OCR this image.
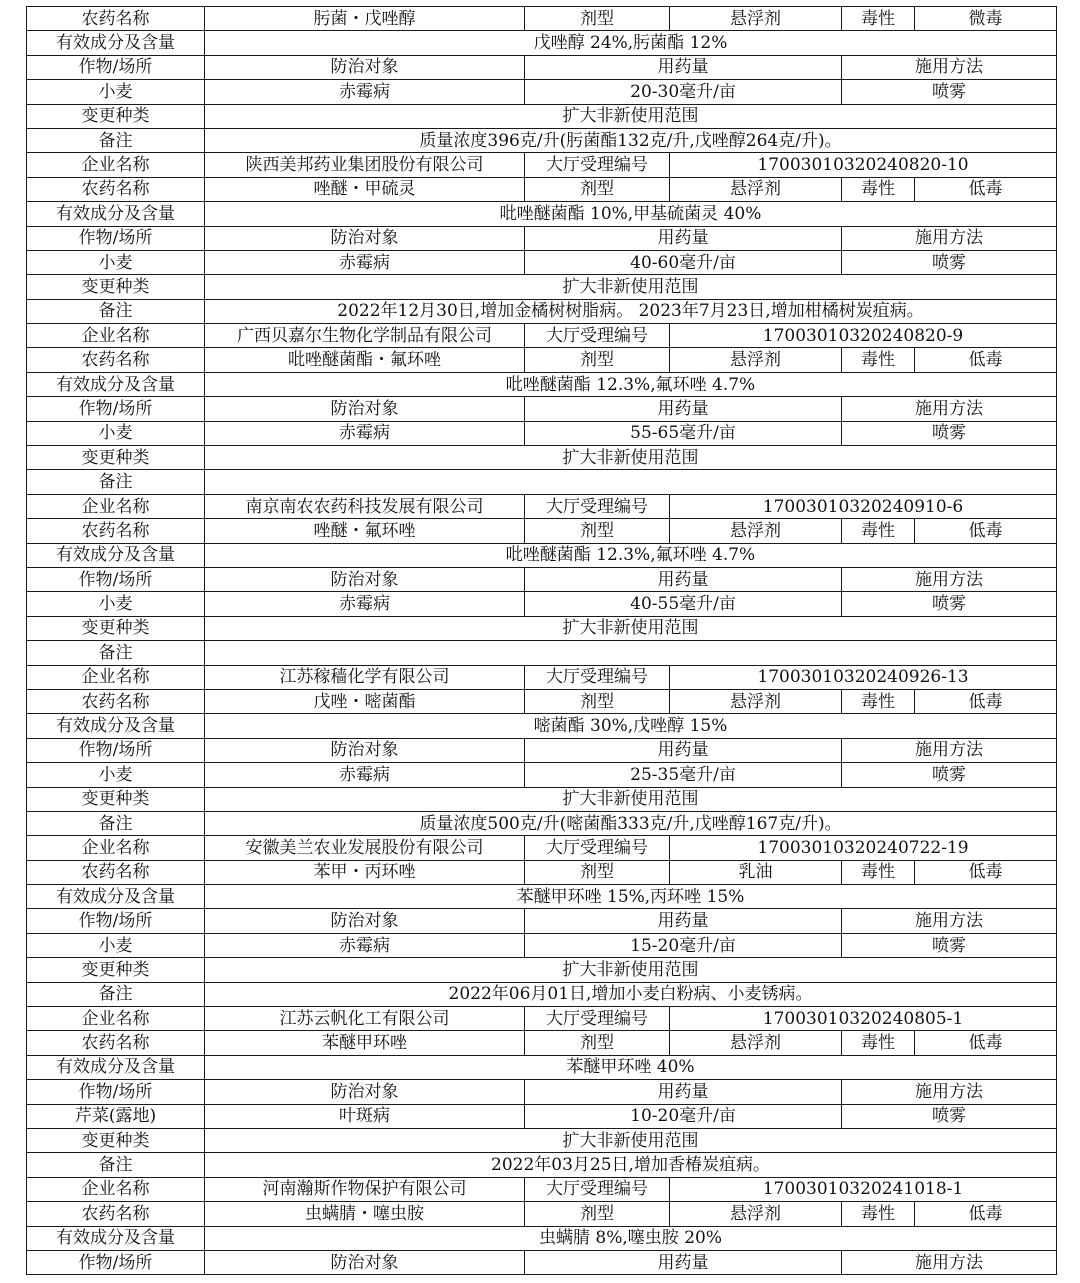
农药名称	肟菌・戊唑醇	剂型	悬浮剂	毒性	微毒
有效成分及含量	戊唑醇 24%,肟菌酯 12%				
作物/场所	防治对象	用药量		施用方法	
小麦	赤霉病	20-30毫升/亩		喷雾	
变更种类	扩大非新使用范围				
备注	质量浓度396克/升(肟菌酯132克/升,戊唑醇264克/升)。				
企业名称	陕西美邦药业集团股份有限公司	大厅受理编号	17003010320240820-10		
农药名称	唑醚・甲硫灵	剂型	悬浮剂	毒性	低毒
有效成分及含量	吡唑醚菌酯 10%,甲基硫菌灵 40%				
作物/场所	防治对象	用药量		施用方法	
小麦	赤霉病	40-60毫升/亩		喷雾	
变更种类	扩大非新使用范围				
备注	2022年12月30日,增加金橘树树脂病。 2023年7月23日,增加柑橘树炭疽病。				
企业名称	广西贝嘉尔生物化学制品有限公司	大厅受理编号	17003010320240820-9		
农药名称	吡唑醚菌酯・氟环唑	剂型	悬浮剂	毒性	低毒
有效成分及含量	吡唑醚菌酯 12.3%,氟环唑 4.7%				
作物/场所	防治对象	用药量		施用方法	
小麦	赤霉病	55-65毫升/亩		喷雾	
变更种类	扩大非新使用范围				
备注					
企业名称	南京南农农药科技发展有限公司	大厅受理编号	17003010320240910-6		
农药名称	唑醚・氟环唑	剂型	悬浮剂	毒性	低毒
有效成分及含量	吡唑醚菌酯 12.3%,氟环唑 4.7%				
作物/场所	防治对象	用药量		施用方法	
小麦	赤霉病	40-55毫升/亩		喷雾	
变更种类	扩大非新使用范围				
备注					
企业名称	江苏稼穑化学有限公司	大厅受理编号	17003010320240926-13		
农药名称	戊唑・嘧菌酯	剂型	悬浮剂	毒性	低毒
有效成分及含量	嘧菌酯 30%,戊唑醇 15%				
作物/场所	防治对象	用药量		施用方法	
小麦	赤霉病	25-35毫升/亩		喷雾	
变更种类	扩大非新使用范围				
备注	质量浓度500克/升(嘧菌酯333克/升,戊唑醇167克/升)。				
企业名称	安徽美兰农业发展股份有限公司	大厅受理编号	17003010320240722-19		
农药名称	苯甲・丙环唑	剂型	乳油	毒性	低毒
有效成分及含量	苯醚甲环唑 15%,丙环唑 15%				
作物/场所	防治对象	用药量		施用方法	
小麦	赤霉病	15-20毫升/亩		喷雾	
变更种类	扩大非新使用范围				
备注	2022年06月01日,增加小麦白粉病、小麦锈病。				
企业名称	江苏云帆化工有限公司	大厅受理编号	17003010320240805-1		
农药名称	苯醚甲环唑	剂型	悬浮剂	毒性	低毒
有效成分及含量	苯醚甲环唑 40%				
作物/场所	防治对象	用药量		施用方法	
芹菜(露地)	叶斑病	10-20毫升/亩		喷雾	
变更种类	扩大非新使用范围				
备注	2022年03月25日,增加香椿炭疽病。				
企业名称	河南瀚斯作物保护有限公司	大厅受理编号	17003010320241018-1		
农药名称	虫螨腈・噻虫胺	剂型	悬浮剂	毒性	低毒
有效成分及含量	虫螨腈 8%,噻虫胺 20%				
作物/场所	防治对象	用药量		施用方法	
